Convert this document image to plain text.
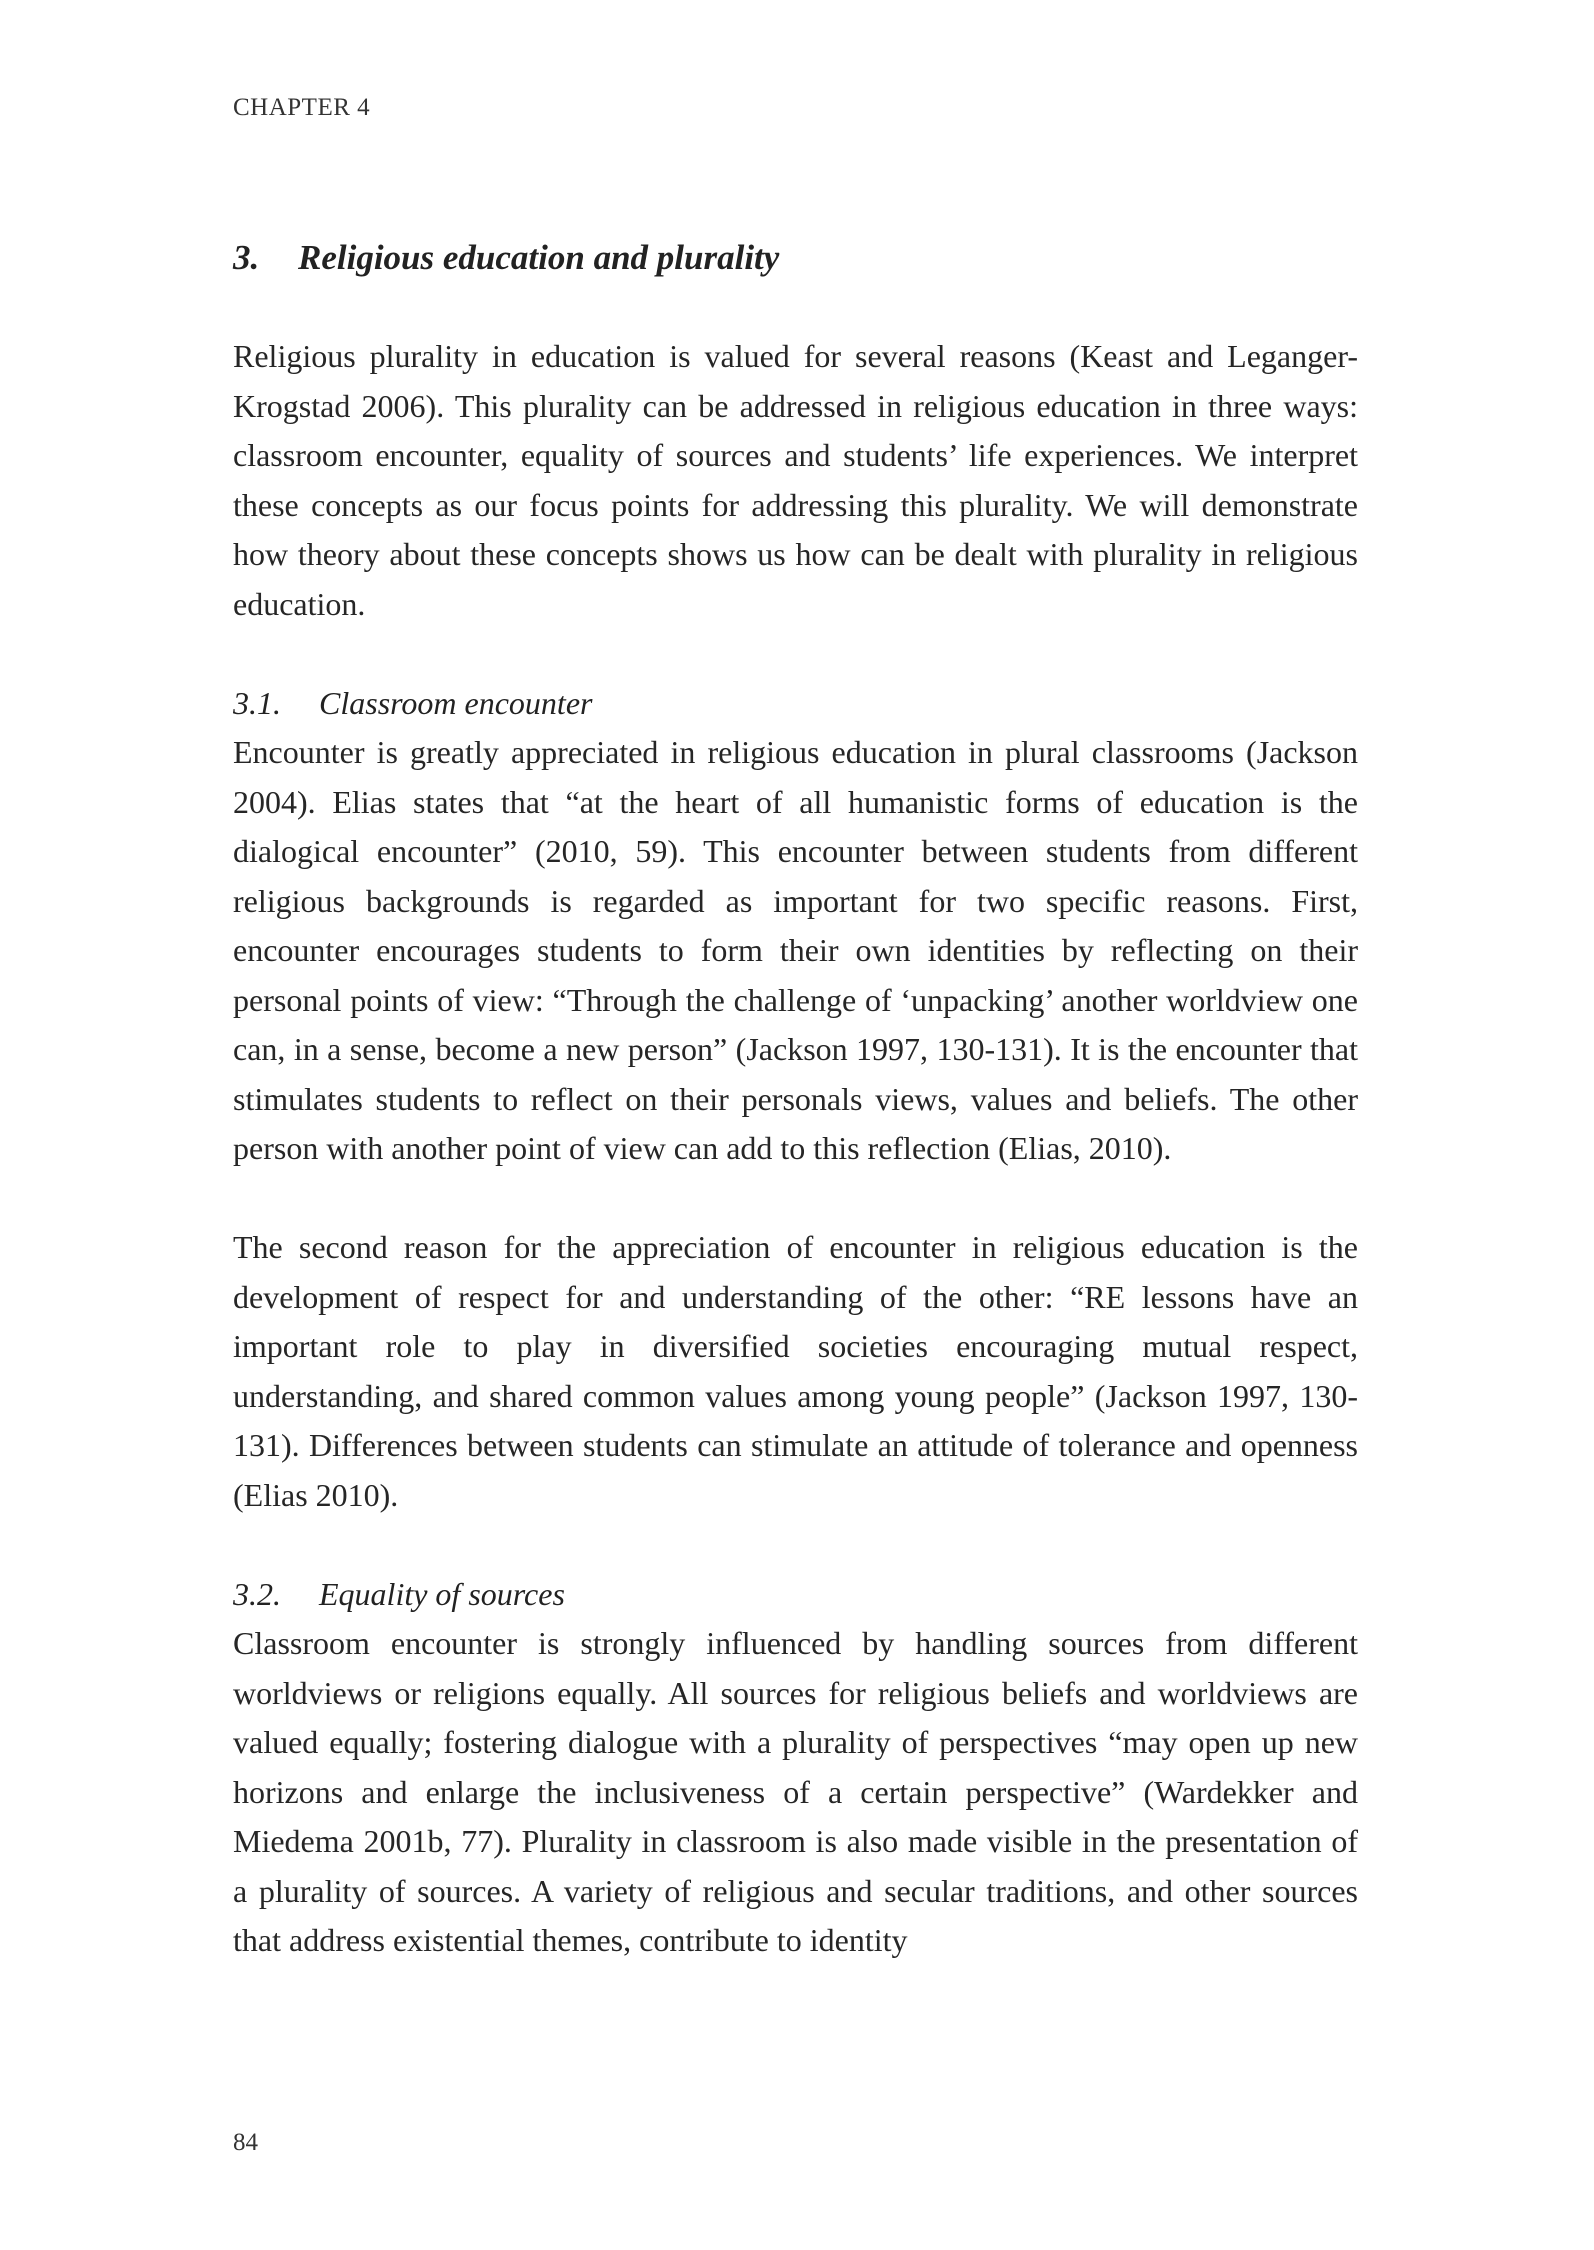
CHAPTER 4
3. Religious education and plurality

Religious plurality in education is valued for several reasons (Keast and Leganger-Krogstad 2006). This plurality can be addressed in religious education in three ways: classroom encounter, equality of sources and students’ life experiences. We interpret these concepts as our focus points for addressing this plurality. We will demonstrate how theory about these concepts shows us how can be dealt with plurality in religious education.

3.1. Classroom encounter

Encounter is greatly appreciated in religious education in plural classrooms (Jackson 2004). Elias states that “at the heart of all humanistic forms of education is the dialogical encounter” (2010, 59). This encounter between students from different religious backgrounds is regarded as important for two specific reasons. First, encounter encourages students to form their own identities by reflecting on their personal points of view: “Through the challenge of ‘unpacking’ another worldview one can, in a sense, become a new person” (Jackson 1997, 130-131). It is the encounter that stimulates students to reflect on their personals views, values and beliefs. The other person with another point of view can add to this reflection (Elias, 2010).

The second reason for the appreciation of encounter in religious education is the development of respect for and understanding of the other: “RE lessons have an important role to play in diversified societies encouraging mutual respect, understanding, and shared common values among young people” (Jackson 1997, 130-131). Differences between students can stimulate an attitude of tolerance and openness (Elias 2010).

3.2. Equality of sources

Classroom encounter is strongly influenced by handling sources from different worldviews or religions equally. All sources for religious beliefs and worldviews are valued equally; fostering dialogue with a plurality of perspectives “may open up new horizons and enlarge the inclusiveness of a certain perspective” (Wardekker and Miedema 2001b, 77). Plurality in classroom is also made visible in the presentation of a plurality of sources. A variety of religious and secular traditions, and other sources that address existential themes, contribute to identity

84
